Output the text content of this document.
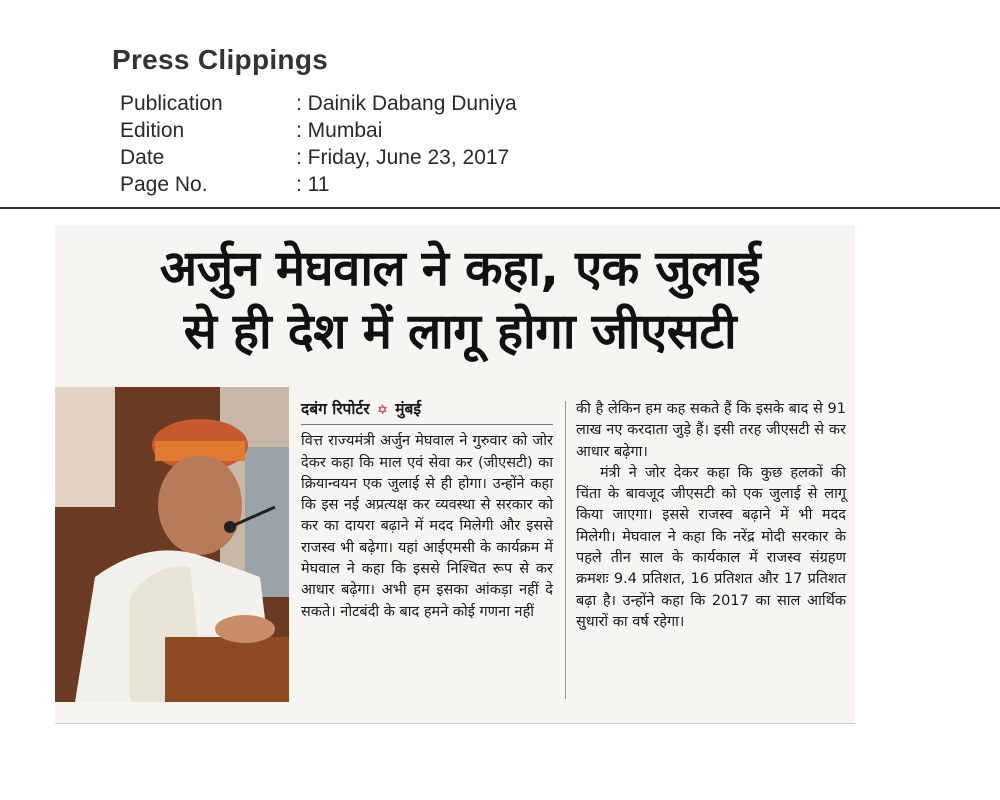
Press Clippings
Publication	: Dainik Dabang Duniya
Edition	: Mumbai
Date	: Friday, June 23, 2017
Page No.	: 11
अर्जुन मेघवाल ने कहा, एक जुलाई
से ही देश में लागू होगा जीएसटी
दबंग रिपोर्टर ✡ मुंबई
वित्त राज्यमंत्री अर्जुन मेघवाल ने गुरुवार को जोर देकर कहा कि माल एवं सेवा कर (जीएसटी) का क्रियान्वयन एक जुलाई से ही होगा। उन्होंने कहा कि इस नई अप्रत्यक्ष कर व्यवस्था से सरकार को कर का दायरा बढ़ाने में मदद मिलेगी और इससे राजस्व भी बढ़ेगा। यहां आईएमसी के कार्यक्रम में मेघवाल ने कहा कि इससे निश्चित रूप से कर आधार बढ़ेगा। अभी हम इसका आंकड़ा नहीं दे सकते। नोटबंदी के बाद हमने कोई गणना नहीं
की है लेकिन हम कह सकते हैं कि इसके बाद से 91 लाख नए करदाता जुड़े हैं। इसी तरह जीएसटी से कर आधार बढ़ेगा।
मंत्री ने जोर देकर कहा कि कुछ हलकों की चिंता के बावजूद जीएसटी को एक जुलाई से लागू किया जाएगा। इससे राजस्व बढ़ाने में भी मदद मिलेगी। मेघवाल ने कहा कि नरेंद्र मोदी सरकार के पहले तीन साल के कार्यकाल में राजस्व संग्रहण क्रमशः 9.4 प्रतिशत, 16 प्रतिशत और 17 प्रतिशत बढ़ा है। उन्होंने कहा कि 2017 का साल आर्थिक सुधारों का वर्ष रहेगा।
